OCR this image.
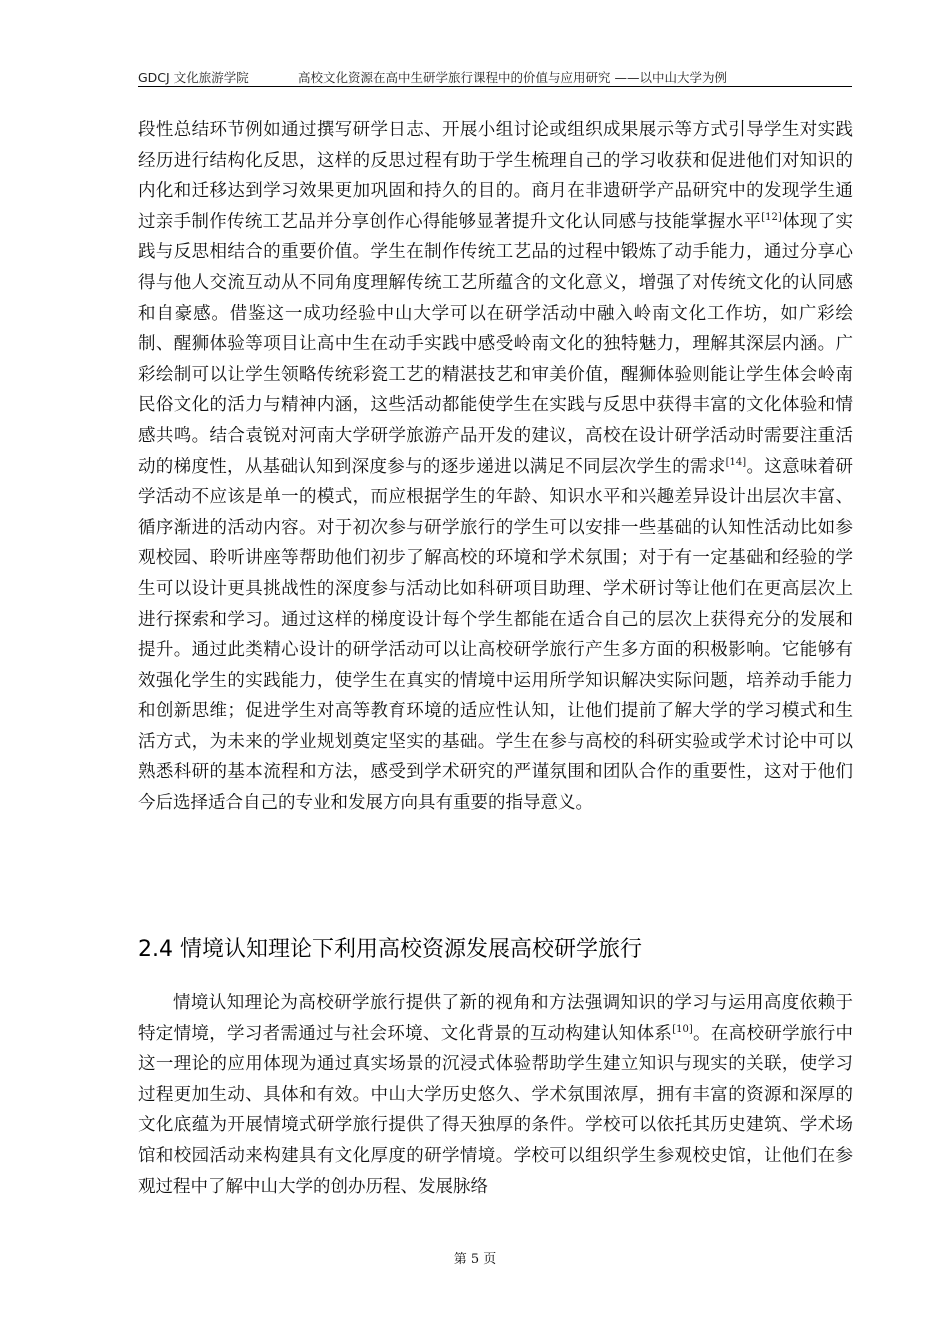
GDCJ 文化旅游学院	高校文化资源在高中生研学旅行课程中的价值与应用研究 ——以中山大学为例

段性总结环节例如通过撰写研学日志、开展小组讨论或组织成果展示等方式引导学生对实践经历进行结构化反思，这样的反思过程有助于学生梳理自己的学习收获和促进他们对知识的内化和迁移达到学习效果更加巩固和持久的目的。商月在非遗研学产品研究中的发现学生通过亲手制作传统工艺品并分享创作心得能够显著提升文化认同感与技能掌握水平[12]体现了实践与反思相结合的重要价值。学生在制作传统工艺品的过程中锻炼了动手能力，通过分享心得与他人交流互动从不同角度理解传统工艺所蕴含的文化意义，增强了对传统文化的认同感和自豪感。借鉴这一成功经验中山大学可以在研学活动中融入岭南文化工作坊，如广彩绘制、醒狮体验等项目让高中生在动手实践中感受岭南文化的独特魅力，理解其深层内涵。广彩绘制可以让学生领略传统彩瓷工艺的精湛技艺和审美价值，醒狮体验则能让学生体会岭南民俗文化的活力与精神内涵，这些活动都能使学生在实践与反思中获得丰富的文化体验和情感共鸣。结合袁锐对河南大学研学旅游产品开发的建议，高校在设计研学活动时需要注重活动的梯度性，从基础认知到深度参与的逐步递进以满足不同层次学生的需求[14]。这意味着研学活动不应该是单一的模式，而应根据学生的年龄、知识水平和兴趣差异设计出层次丰富、循序渐进的活动内容。对于初次参与研学旅行的学生可以安排一些基础的认知性活动比如参观校园、聆听讲座等帮助他们初步了解高校的环境和学术氛围；对于有一定基础和经验的学生可以设计更具挑战性的深度参与活动比如科研项目助理、学术研讨等让他们在更高层次上进行探索和学习。通过这样的梯度设计每个学生都能在适合自己的层次上获得充分的发展和提升。通过此类精心设计的研学活动可以让高校研学旅行产生多方面的积极影响。它能够有效强化学生的实践能力，使学生在真实的情境中运用所学知识解决实际问题，培养动手能力和创新思维；促进学生对高等教育环境的适应性认知，让他们提前了解大学的学习模式和生活方式，为未来的学业规划奠定坚实的基础。学生在参与高校的科研实验或学术讨论中可以熟悉科研的基本流程和方法，感受到学术研究的严谨氛围和团队合作的重要性，这对于他们今后选择适合自己的专业和发展方向具有重要的指导意义。

2.4 情境认知理论下利用高校资源发展高校研学旅行

情境认知理论为高校研学旅行提供了新的视角和方法强调知识的学习与运用高度依赖于特定情境，学习者需通过与社会环境、文化背景的互动构建认知体系[10]。在高校研学旅行中这一理论的应用体现为通过真实场景的沉浸式体验帮助学生建立知识与现实的关联，使学习过程更加生动、具体和有效。中山大学历史悠久、学术氛围浓厚，拥有丰富的资源和深厚的文化底蕴为开展情境式研学旅行提供了得天独厚的条件。学校可以依托其历史建筑、学术场馆和校园活动来构建具有文化厚度的研学情境。学校可以组织学生参观校史馆，让他们在参观过程中了解中山大学的创办历程、发展脉络

第 5 页
